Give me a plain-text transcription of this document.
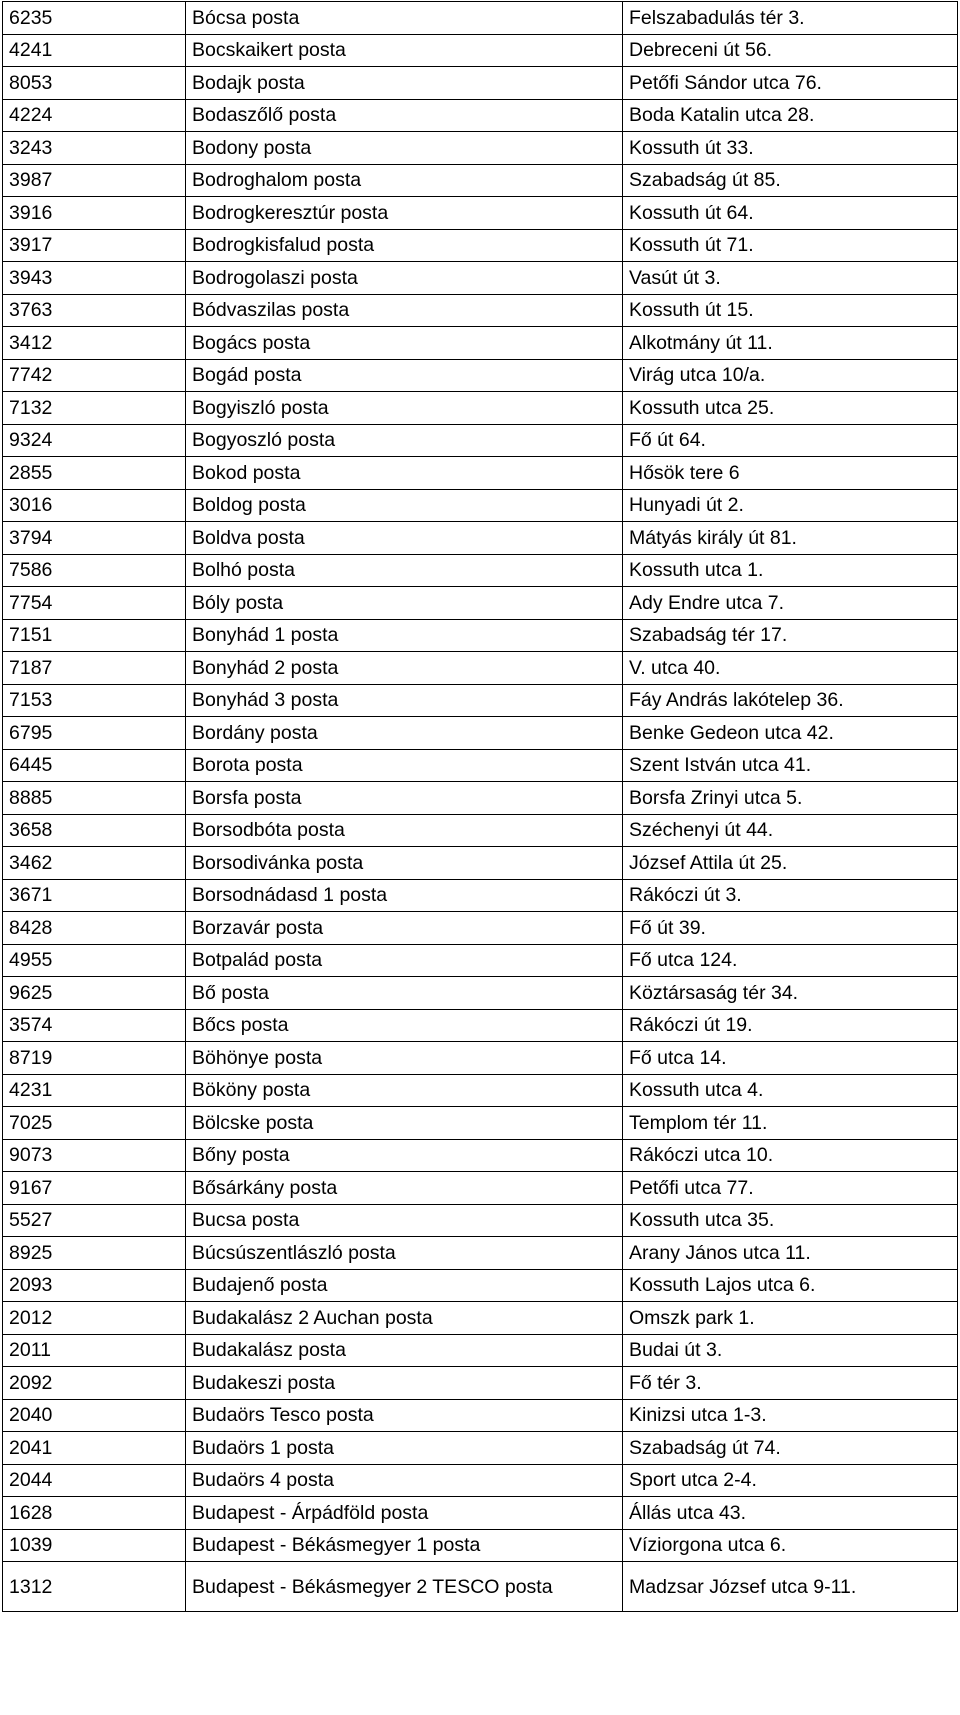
6235	Bócsa posta	Felszabadulás tér 3.
4241	Bocskaikert posta	Debreceni út 56.
8053	Bodajk posta	Petőfi Sándor utca 76.
4224	Bodaszőlő posta	Boda Katalin utca 28.
3243	Bodony posta	Kossuth út 33.
3987	Bodroghalom posta	Szabadság út 85.
3916	Bodrogkeresztúr posta	Kossuth út 64.
3917	Bodrogkisfalud posta	Kossuth út 71.
3943	Bodrogolaszi posta	Vasút út 3.
3763	Bódvaszilas posta	Kossuth út 15.
3412	Bogács posta	Alkotmány út 11.
7742	Bogád posta	Virág utca 10/a.
7132	Bogyiszló posta	Kossuth utca 25.
9324	Bogyoszló posta	Fő út 64.
2855	Bokod posta	Hősök tere 6
3016	Boldog posta	Hunyadi út 2.
3794	Boldva posta	Mátyás király út 81.
7586	Bolhó posta	Kossuth utca 1.
7754	Bóly posta	Ady Endre utca 7.
7151	Bonyhád 1 posta	Szabadság tér 17.
7187	Bonyhád 2 posta	V. utca 40.
7153	Bonyhád 3 posta	Fáy András lakótelep 36.
6795	Bordány posta	Benke Gedeon utca 42.
6445	Borota posta	Szent István utca 41.
8885	Borsfa posta	Borsfa Zrinyi utca 5.
3658	Borsodbóta posta	Széchenyi út 44.
3462	Borsodivánka posta	József Attila út 25.
3671	Borsodnádasd 1 posta	Rákóczi út 3.
8428	Borzavár posta	Fő út 39.
4955	Botpalád posta	Fő utca 124.
9625	Bő posta	Köztársaság tér 34.
3574	Bőcs posta	Rákóczi út 19.
8719	Böhönye posta	Fő utca 14.
4231	Bököny posta	Kossuth utca 4.
7025	Bölcske posta	Templom tér 11.
9073	Bőny posta	Rákóczi utca 10.
9167	Bősárkány posta	Petőfi utca 77.
5527	Bucsa posta	Kossuth utca 35.
8925	Búcsúszentlászló posta	Arany János utca 11.
2093	Budajenő posta	Kossuth Lajos utca 6.
2012	Budakalász 2 Auchan posta	Omszk park 1.
2011	Budakalász posta	Budai út 3.
2092	Budakeszi posta	Fő tér 3.
2040	Budaörs Tesco posta	Kinizsi utca 1-3.
2041	Budaörs 1 posta	Szabadság út 74.
2044	Budaörs 4 posta	Sport utca 2-4.
1628	Budapest - Árpádföld posta	Állás utca 43.
1039	Budapest - Békásmegyer 1 posta	Víziorgona utca 6.
1312	Budapest - Békásmegyer 2 TESCO posta	Madzsar József utca 9-11.
